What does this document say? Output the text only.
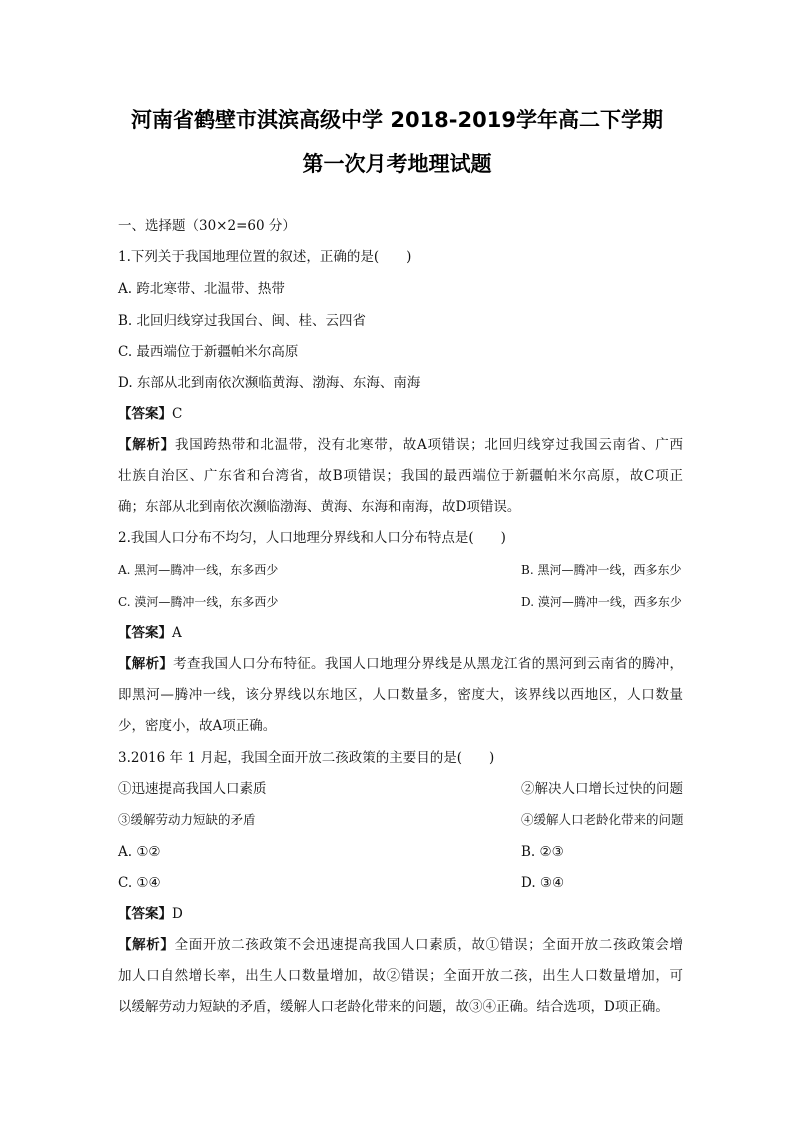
河南省鹤壁市淇滨高级中学 2018-2019学年高二下学期
第一次月考地理试题
一、选择题（30×2=60 分）
1.下列关于我国地理位置的叙述，正确的是(　　)
A. 跨北寒带、北温带、热带
B. 北回归线穿过我国台、闽、桂、云四省
C. 最西端位于新疆帕米尔高原
D. 东部从北到南依次濒临黄海、渤海、东海、南海
【答案】C
【解析】我国跨热带和北温带，没有北寒带，故A项错误；北回归线穿过我国云南省、广西
壮族自治区、广东省和台湾省，故B项错误；我国的最西端位于新疆帕米尔高原，故C项正
确；东部从北到南依次濒临渤海、黄海、东海和南海，故D项错误。
2.我国人口分布不均匀，人口地理分界线和人口分布特点是(　　)
A. 黑河—腾冲一线，东多西少	B. 黑河—腾冲一线，西多东少
C. 漠河—腾冲一线，东多西少	D. 漠河—腾冲一线，西多东少
【答案】A
【解析】考查我国人口分布特征。我国人口地理分界线是从黑龙江省的黑河到云南省的腾冲，
即黑河—腾冲一线，该分界线以东地区，人口数量多，密度大，该界线以西地区，人口数量
少，密度小，故A项正确。
3.2016 年 1 月起，我国全面开放二孩政策的主要目的是(　　)
①迅速提高我国人口素质	②解决人口增长过快的问题
③缓解劳动力短缺的矛盾	④缓解人口老龄化带来的问题
A. ①②	B. ②③
C. ①④	D. ③④
【答案】D
【解析】全面开放二孩政策不会迅速提高我国人口素质，故①错误；全面开放二孩政策会增
加人口自然增长率，出生人口数量增加，故②错误；全面开放二孩，出生人口数量增加，可
以缓解劳动力短缺的矛盾，缓解人口老龄化带来的问题，故③④正确。结合选项，D项正确。
